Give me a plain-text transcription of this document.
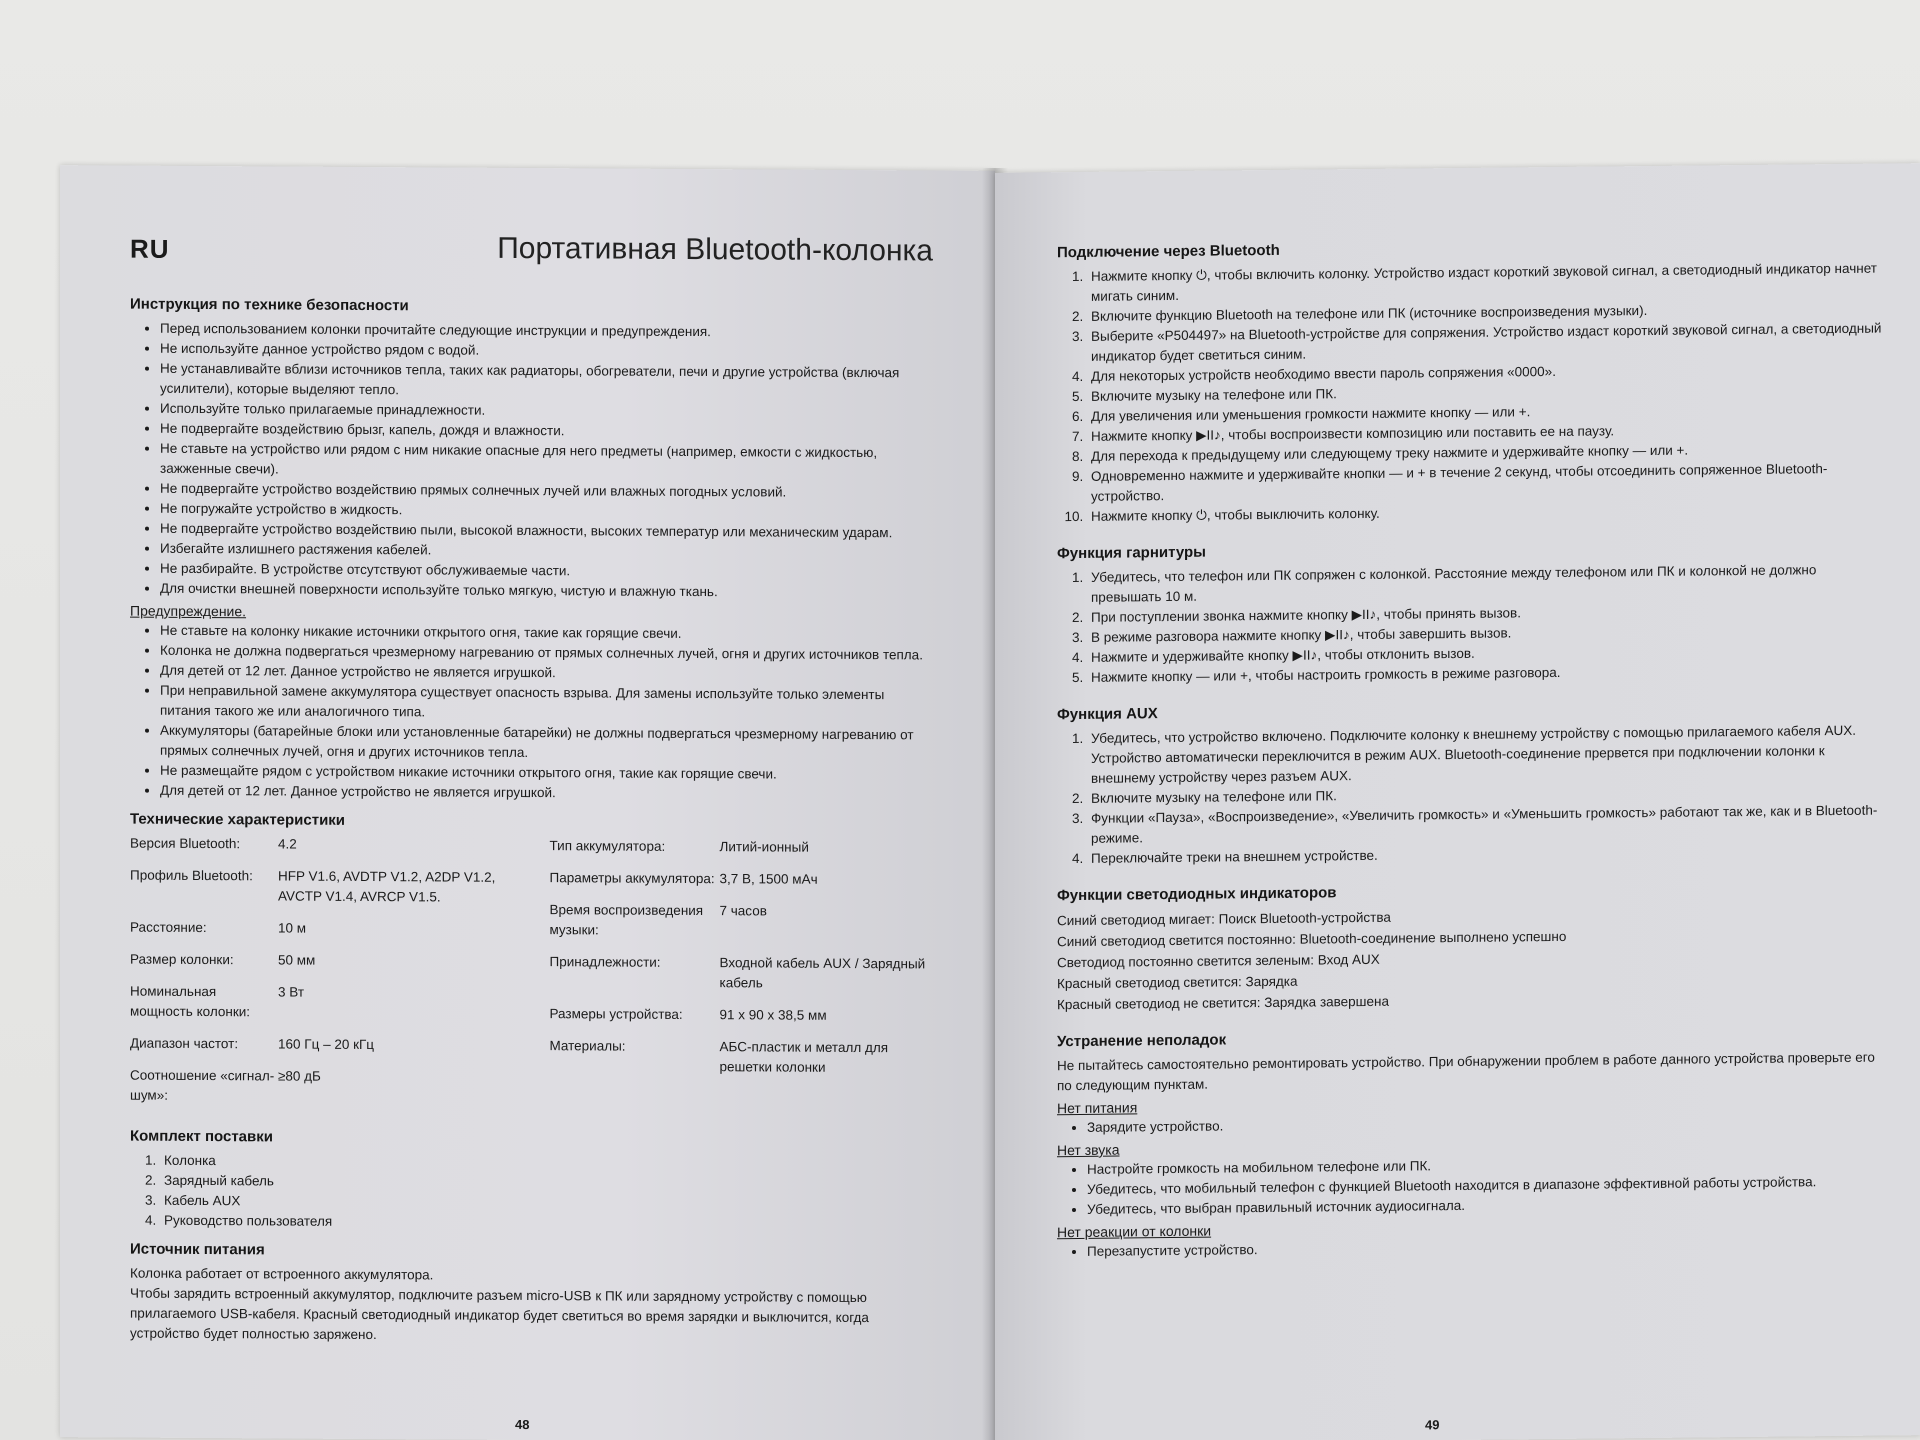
RU	Портативная Bluetooth-колонка
Инструкция по технике безопасности
• Перед использованием колонки прочитайте следующие инструкции и предупреждения.
• Не используйте данное устройство рядом с водой.
• Не устанавливайте вблизи источников тепла, таких как радиаторы, обогреватели, печи и другие устройства (включая усилители), которые выделяют тепло.
• Используйте только прилагаемые принадлежности.
• Не подвергайте воздействию брызг, капель, дождя и влажности.
• Не ставьте на устройство или рядом с ним никакие опасные для него предметы (например, емкости с жидкостью, зажженные свечи).
• Не подвергайте устройство воздействию прямых солнечных лучей или влажных погодных условий.
• Не погружайте устройство в жидкость.
• Не подвергайте устройство воздействию пыли, высокой влажности, высоких температур или механическим ударам.
• Избегайте излишнего растяжения кабелей.
• Не разбирайте. В устройстве отсутствуют обслуживаемые части.
• Для очистки внешней поверхности используйте только мягкую, чистую и влажную ткань.
Предупреждение.
• Не ставьте на колонку никакие источники открытого огня, такие как горящие свечи.
• Колонка не должна подвергаться чрезмерному нагреванию от прямых солнечных лучей, огня и других источников тепла.
• Для детей от 12 лет. Данное устройство не является игрушкой.
• При неправильной замене аккумулятора существует опасность взрыва. Для замены используйте только элементы питания такого же или аналогичного типа.
• Аккумуляторы (батарейные блоки или установленные батарейки) не должны подвергаться чрезмерному нагреванию от прямых солнечных лучей, огня и других источников тепла.
• Не размещайте рядом с устройством никакие источники открытого огня, такие как горящие свечи.
• Для детей от 12 лет. Данное устройство не является игрушкой.
Технические характеристики
Версия Bluetooth:	4.2
Профиль Bluetooth:	HFP V1.6, AVDTP V1.2, A2DP V1.2, AVCTP V1.4, AVRCP V1.5.
Расстояние:	10 м
Размер колонки:	50 мм
Номинальная мощность колонки:
3 Вт
Диапазон частот:	160 Гц – 20 кГц
Соотношение «сигнал-шум»:
≥80 дБ
Тип аккумулятора:	Литий-ионный
Параметры аккумулятора: 3,7 В, 1500 мАч
Время воспроизведения музыки:
7 часов
Принадлежности:	Входной кабель AUX / Зарядный кабель
Размеры устройства:	91 x 90 x 38,5 мм
Материалы:	АБС-пластик и металл для решетки колонки
Комплект поставки
1. Колонка
2. Зарядный кабель
3. Кабель AUX
4. Руководство пользователя
Источник питания

Колонка работает от встроенного аккумулятора.

Чтобы зарядить встроенный аккумулятор, подключите разъем micro-USB к ПК или зарядному устройству с помощью прилагаемого USB-кабеля. Красный светодиодный индикатор будет светиться во время зарядки и выключится, когда устройство будет полностью заряжено.

48
Подключение через Bluetooth
1. Нажмите кнопку ⏻, чтобы включить колонку. Устройство издаст короткий звуковой сигнал, а светодиодный индикатор начнет мигать синим.
2. Включите функцию Bluetooth на телефоне или ПК (источнике воспроизведения музыки).
3. Выберите «P504497» на Bluetooth-устройстве для сопряжения. Устройство издаст короткий звуковой сигнал, а светодиодный индикатор будет светиться синим.
4. Для некоторых устройств необходимо ввести пароль сопряжения «0000».
5. Включите музыку на телефоне или ПК.
6. Для увеличения или уменьшения громкости нажмите кнопку — или +.
7. Нажмите кнопку ▶II♪, чтобы воспроизвести композицию или поставить ее на паузу.
8. Для перехода к предыдущему или следующему треку нажмите и удерживайте кнопку — или +.
9. Одновременно нажмите и удерживайте кнопки — и + в течение 2 секунд, чтобы отсоединить сопряженное Bluetooth-устройство.
10. Нажмите кнопку ⏻, чтобы выключить колонку.
Функция гарнитуры
1. Убедитесь, что телефон или ПК сопряжен с колонкой. Расстояние между телефоном или ПК и колонкой не должно превышать 10 м.
2. При поступлении звонка нажмите кнопку ▶II♪, чтобы принять вызов.
3. В режиме разговора нажмите кнопку ▶II♪, чтобы завершить вызов.
4. Нажмите и удерживайте кнопку ▶II♪, чтобы отклонить вызов.
5. Нажмите кнопку — или +, чтобы настроить громкость в режиме разговора.
Функция AUX
1. Убедитесь, что устройство включено. Подключите колонку к внешнему устройству с помощью прилагаемого кабеля AUX. Устройство автоматически переключится в режим AUX. Bluetooth-соединение прервется при подключении колонки к внешнему устройству через разъем AUX.
2. Включите музыку на телефоне или ПК.
3. Функции «Пауза», «Воспроизведение», «Увеличить громкость» и «Уменьшить громкость» работают так же, как и в Bluetooth-режиме.
4. Переключайте треки на внешнем устройстве.
Функции светодиодных индикаторов

Синий светодиод мигает: Поиск Bluetooth-устройства

Синий светодиод светится постоянно: Bluetooth-соединение выполнено успешно

Светодиод постоянно светится зеленым: Вход AUX

Красный светодиод светится: Зарядка

Красный светодиод не светится: Зарядка завершена

Устранение неполадок

Не пытайтесь самостоятельно ремонтировать устройство. При обнаружении проблем в работе данного устройства проверьте его по следующим пунктам.

Нет питания
• Зарядите устройство.
Нет звука
• Настройте громкость на мобильном телефоне или ПК.
• Убедитесь, что мобильный телефон с функцией Bluetooth находится в диапазоне эффективной работы устройства.
• Убедитесь, что выбран правильный источник аудиосигнала.
Нет реакции от колонки
• Перезапустите устройство.
49
